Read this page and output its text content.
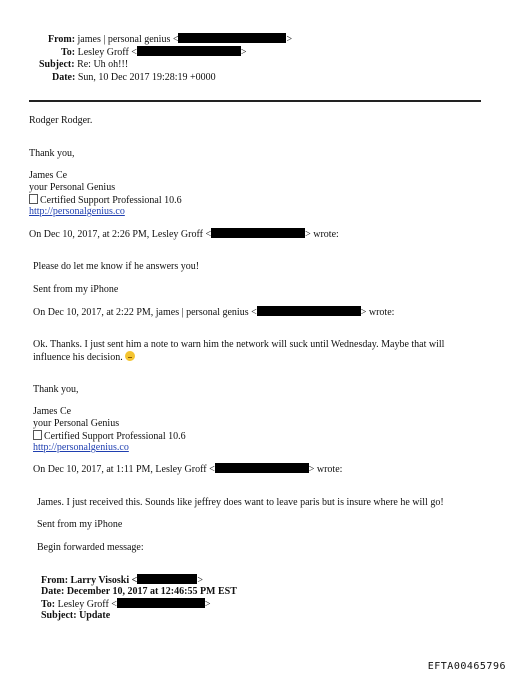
From: james | personal genius <	>
To: Lesley Groff <	>
Subject: Re: Uh oh!!!
Date: Sun, 10 Dec 2017 19:28:19 +0000
Rodger Rodger.
Thank you,
James Ce
your Personal Genius
Certified Support Professional 10.6
http://personalgenius.co
On Dec 10, 2017, at 2:26 PM, Lesley Groff <	> wrote:
Please do let me know if he answers you!
Sent from my iPhone
On Dec 10, 2017, at 2:22 PM, james | personal genius <	> wrote:
Ok. Thanks. I just sent him a note to warn him the network will suck until Wednesday. Maybe that will
influence his decision.
Thank you,
James Ce
your Personal Genius
Certified Support Professional 10.6
http://personalgenius.co
On Dec 10, 2017, at 1:11 PM, Lesley Groff <	> wrote:
James. I just received this. Sounds like jeffrey does want to leave paris but is insure where he will go!
Sent from my iPhone
Begin forwarded message:
From: Larry Visoski <	>
Date: December 10, 2017 at 12:46:55 PM EST
To: Lesley Groff <	>
Subject: Update
EFTA00465796
